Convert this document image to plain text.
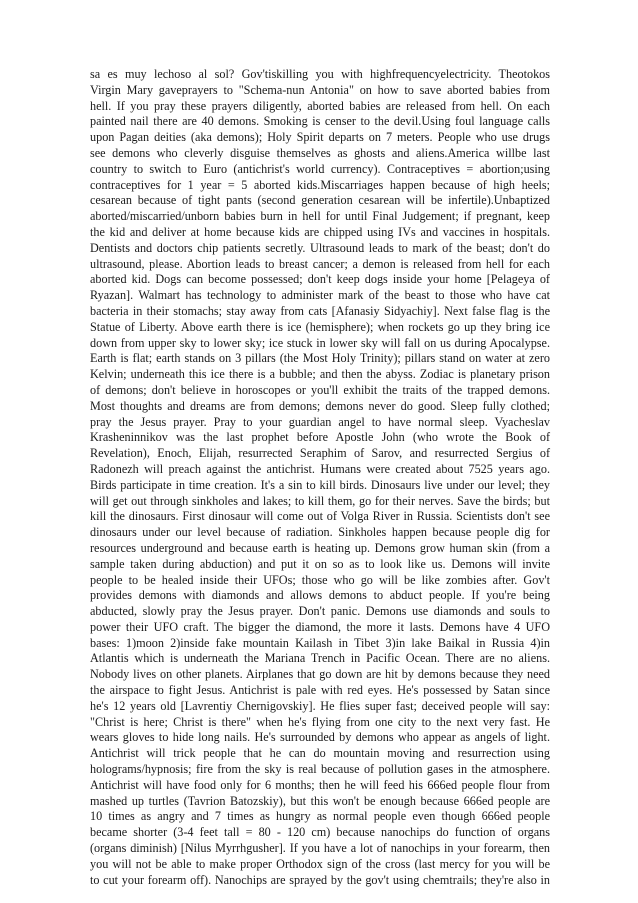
sa es muy lechoso al sol? Gov'tiskilling you with highfrequencyelectricity. Theotokos
Virgin Mary gaveprayers to "Schema-nun Antonia" on how to save aborted babies from
hell. If you pray these prayers diligently, aborted babies are released from hell. On each
painted nail there are 40 demons. Smoking is censer to the devil.Using foul language calls
upon Pagan deities (aka demons); Holy Spirit departs on 7 meters. People who use drugs
see demons who cleverly disguise themselves as ghosts and aliens.America willbe last
country to switch to Euro (antichrist's world currency). Contraceptives = abortion;using
contraceptives for 1 year = 5 aborted kids.Miscarriages happen because of high heels;
cesarean because of tight pants (second generation cesarean will be infertile).Unbaptized
aborted/miscarried/unborn babies burn in hell for until Final Judgement; if pregnant, keep
the kid and deliver at home because kids are chipped using IVs and vaccines in hospitals.
Dentists and doctors chip patients secretly. Ultrasound leads to mark of the beast; don't do
ultrasound, please. Abortion leads to breast cancer; a demon is released from hell for each
aborted kid. Dogs can become possessed; don't keep dogs inside your home [Pelageya of
Ryazan]. Walmart has technology to administer mark of the beast to those who have cat
bacteria in their stomachs; stay away from cats [Afanasiy Sidyachiy]. Next false flag is the
Statue of Liberty. Above earth there is ice (hemisphere); when rockets go up they bring ice
down from upper sky to lower sky; ice stuck in lower sky will fall on us during Apocalypse.
Earth is flat; earth stands on 3 pillars (the Most Holy Trinity); pillars stand on water at zero
Kelvin; underneath this ice there is a bubble; and then the abyss. Zodiac is planetary prison
of demons; don't believe in horoscopes or you'll exhibit the traits of the trapped demons.
Most thoughts and dreams are from demons; demons never do good. Sleep fully clothed;
pray the Jesus prayer. Pray to your guardian angel to have normal sleep. Vyacheslav
Krasheninnikov was the last prophet before Apostle John (who wrote the Book of
Revelation), Enoch, Elijah, resurrected Seraphim of Sarov, and resurrected Sergius of
Radonezh will preach against the antichrist. Humans were created about 7525 years ago.
Birds participate in time creation. It's a sin to kill birds. Dinosaurs live under our level; they
will get out through sinkholes and lakes; to kill them, go for their nerves. Save the birds; but
kill the dinosaurs. First dinosaur will come out of Volga River in Russia. Scientists don't see
dinosaurs under our level because of radiation. Sinkholes happen because people dig for
resources underground and because earth is heating up. Demons grow human skin (from a
sample taken during abduction) and put it on so as to look like us. Demons will invite
people to be healed inside their UFOs; those who go will be like zombies after. Gov't
provides demons with diamonds and allows demons to abduct people. If you're being
abducted, slowly pray the Jesus prayer. Don't panic. Demons use diamonds and souls to
power their UFO craft. The bigger the diamond, the more it lasts. Demons have 4 UFO
bases: 1)moon 2)inside fake mountain Kailash in Tibet 3)in lake Baikal in Russia 4)in
Atlantis which is underneath the Mariana Trench in Pacific Ocean. There are no aliens.
Nobody lives on other planets. Airplanes that go down are hit by demons because they need
the airspace to fight Jesus. Antichrist is pale with red eyes. He's possessed by Satan since
he's 12 years old [Lavrentiy Chernigovskiy]. He flies super fast; deceived people will say:
"Christ is here; Christ is there" when he's flying from one city to the next very fast. He
wears gloves to hide long nails. He's surrounded by demons who appear as angels of light.
Antichrist will trick people that he can do mountain moving and resurrection using
holograms/hypnosis; fire from the sky is real because of pollution gases in the atmosphere.
Antichrist will have food only for 6 months; then he will feed his 666ed people flour from
mashed up turtles (Tavrion Batozskiy), but this won't be enough because 666ed people are
10 times as angry and 7 times as hungry as normal people even though 666ed people
became shorter (3-4 feet tall = 80 - 120 cm) because nanochips do function of organs
(organs diminish) [Nilus Myrrhgusher]. If you have a lot of nanochips in your forearm, then
you will not be able to make proper Orthodox sign of the cross (last mercy for you will be
to cut your forearm off). Nanochips are sprayed by the gov't using chemtrails; they're also in
